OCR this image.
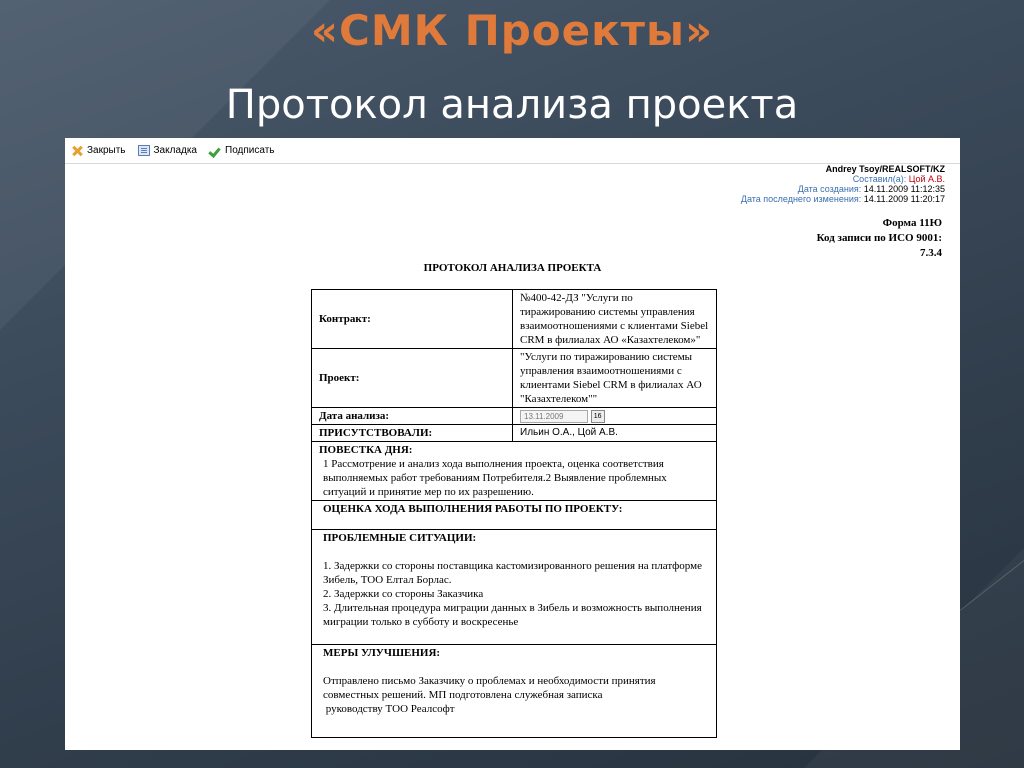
«СМК Проекты»
Протокол анализа проекта
Закрыть	Закладка	Подписать
Andrey Tsoy/REALSOFT/KZ
Составил(а): Цой А.В.
Дата создания: 14.11.2009 11:12:35
Дата последнего изменения: 14.11.2009 11:20:17
Форма 11Ю
Код записи по ИСО 9001:
7.3.4
ПРОТОКОЛ АНАЛИЗА ПРОЕКТА
Контракт:	№400-42-ДЗ "Услуги по тиражированию системы управления взаимоотношениями с клиентами Siebel CRM в филиалах АО «Казахтелеком»"
Проект:	"Услуги по тиражированию системы управления взаимоотношениями с клиентами Siebel CRM в филиалах АО "Казахтелеком""
Дата анализа:	13.11.2009 16
ПРИСУТСТВОВАЛИ:	Ильин О.А., Цой А.В.

ПОВЕСТКА ДНЯ:
1 Рассмотрение и анализ хода выполнения проекта, оценка соответствия выполняемых работ требованиям Потребителя.2 Выявление проблемных ситуаций и принятие мер по их разрешению.	

ОЦЕНКА ХОДА ВЫПОЛНЕНИЯ РАБОТЫ ПО ПРОЕКТУ:	

ПРОБЛЕМНЫЕ СИТУАЦИИ:
1. Задержки со стороны поставщика кастомизированного решения на платформе Зибель, ТОО Елтал Борлас.
2. Задержки со стороны Заказчика
3. Длительная процедура миграции данных в Зибель и возможность выполнения миграции только в субботу и воскресенье	

МЕРЫ УЛУЧШЕНИЯ:
Отправлено письмо Заказчику о проблемах и необходимости принятия совместных решений. МП подготовлена служебная записка
руководству ТОО Реалсофт	
